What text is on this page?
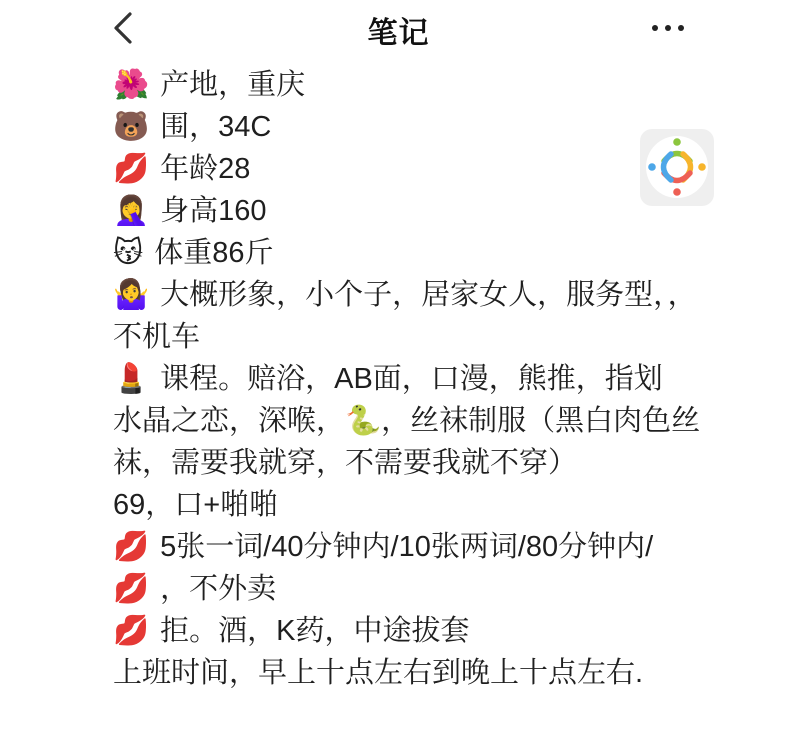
笔记
🌺 产地，重庆
🐻 围，34C
💋 年龄28
🤦‍♀️ 身高160
😽 体重86斤
🤷‍♀️ 大概形象，小个子，居家女人，服务型，，
不机车
💄 课程。赔浴，AB面，口漫，熊推，指划
水晶之恋，深喉，🐍，丝袜制服（黑白肉色丝
袜，需要我就穿，不需要我就不穿）
69，口+啪啪
💋 5张一词/40分钟内/10张两词/80分钟内/
💋 ，不外卖
💋 拒。酒，K药，中途拔套
上班时间，早上十点左右到晚上十点左右.
